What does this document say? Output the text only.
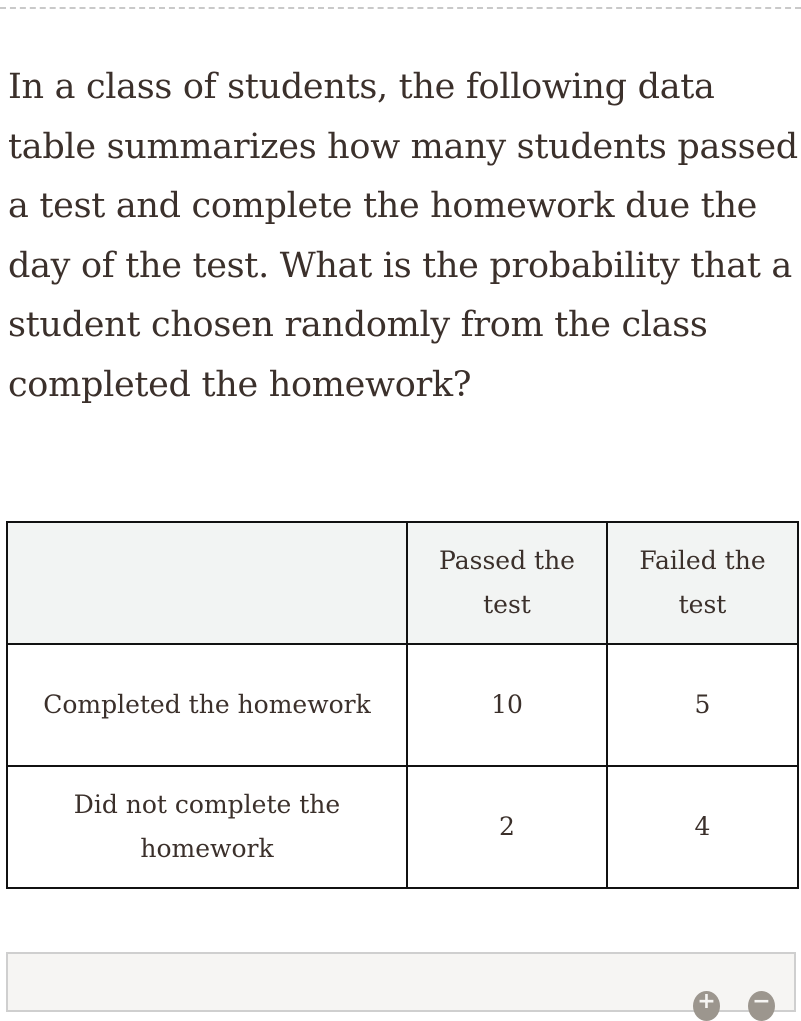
In a class of students, the following data table summarizes how many students passed a test and complete the homework due the day of the test. What is the probability that a student chosen randomly from the class completed the homework?

	Passed the test	Failed the test
Completed the homework	10	5
Did not complete the homework	2	4
+ −
